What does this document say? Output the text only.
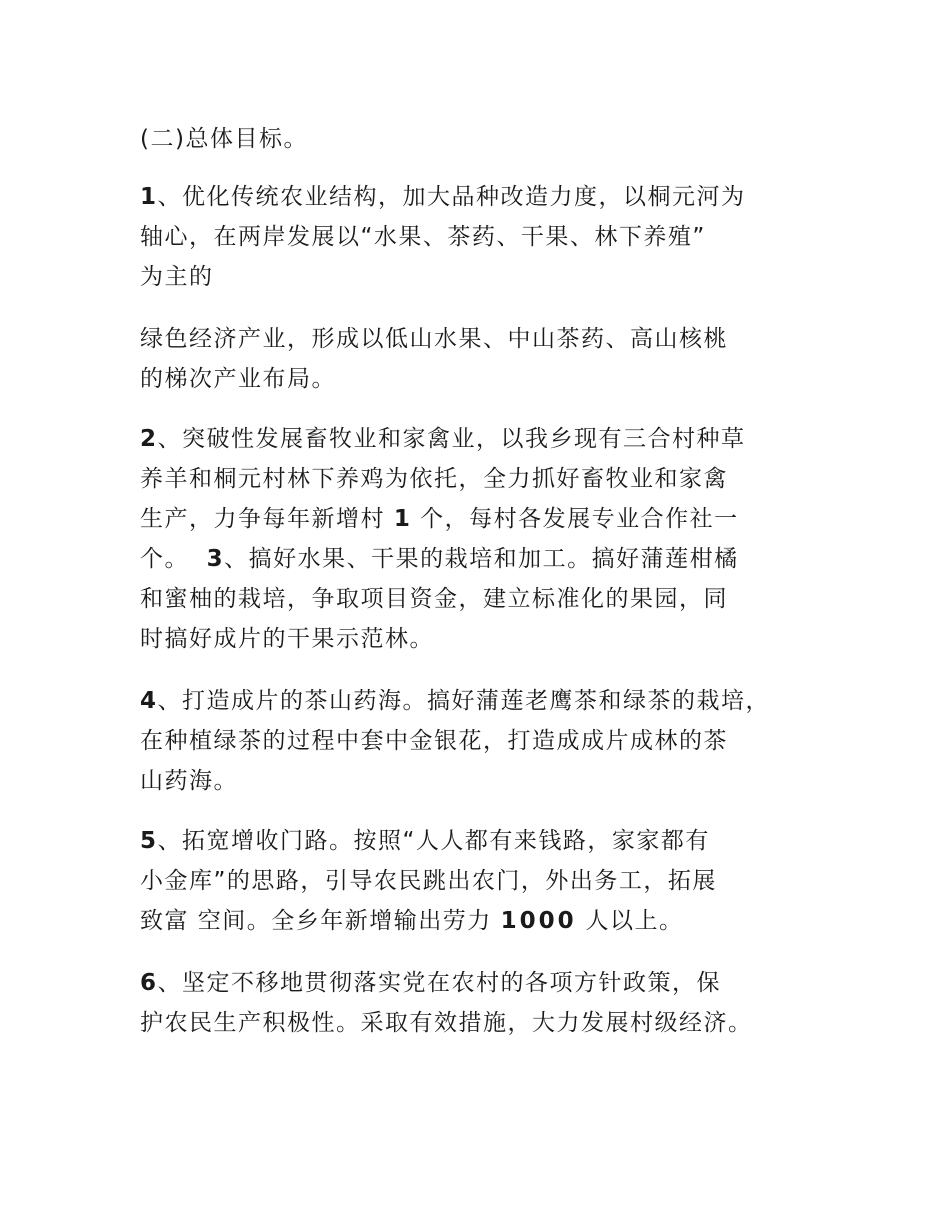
(二)总体目标。
1、优化传统农业结构，加大品种改造力度，以桐元河为
轴心，在两岸发展以“水果、茶药、干果、林下养殖”
为主的
绿色经济产业，形成以低山水果、中山茶药、高山核桃
的梯次产业布局。
2、突破性发展畜牧业和家禽业，以我乡现有三合村种草
养羊和桐元村林下养鸡为依托，全力抓好畜牧业和家禽
生产，力争每年新增村 1 个，每村各发展专业合作社一
个。  3、搞好水果、干果的栽培和加工。搞好蒲莲柑橘
和蜜柚的栽培，争取项目资金，建立标准化的果园，同
时搞好成片的干果示范林。
4、打造成片的茶山药海。搞好蒲莲老鹰茶和绿茶的栽培，
在种植绿茶的过程中套中金银花，打造成成片成林的茶
山药海。
5、拓宽增收门路。按照“人人都有来钱路，家家都有
小金库”的思路，引导农民跳出农门，外出务工，拓展
致富 空间。全乡年新增输出劳力 1000 人以上。
6、坚定不移地贯彻落实党在农村的各项方针政策，保
护农民生产积极性。采取有效措施，大力发展村级经济。
